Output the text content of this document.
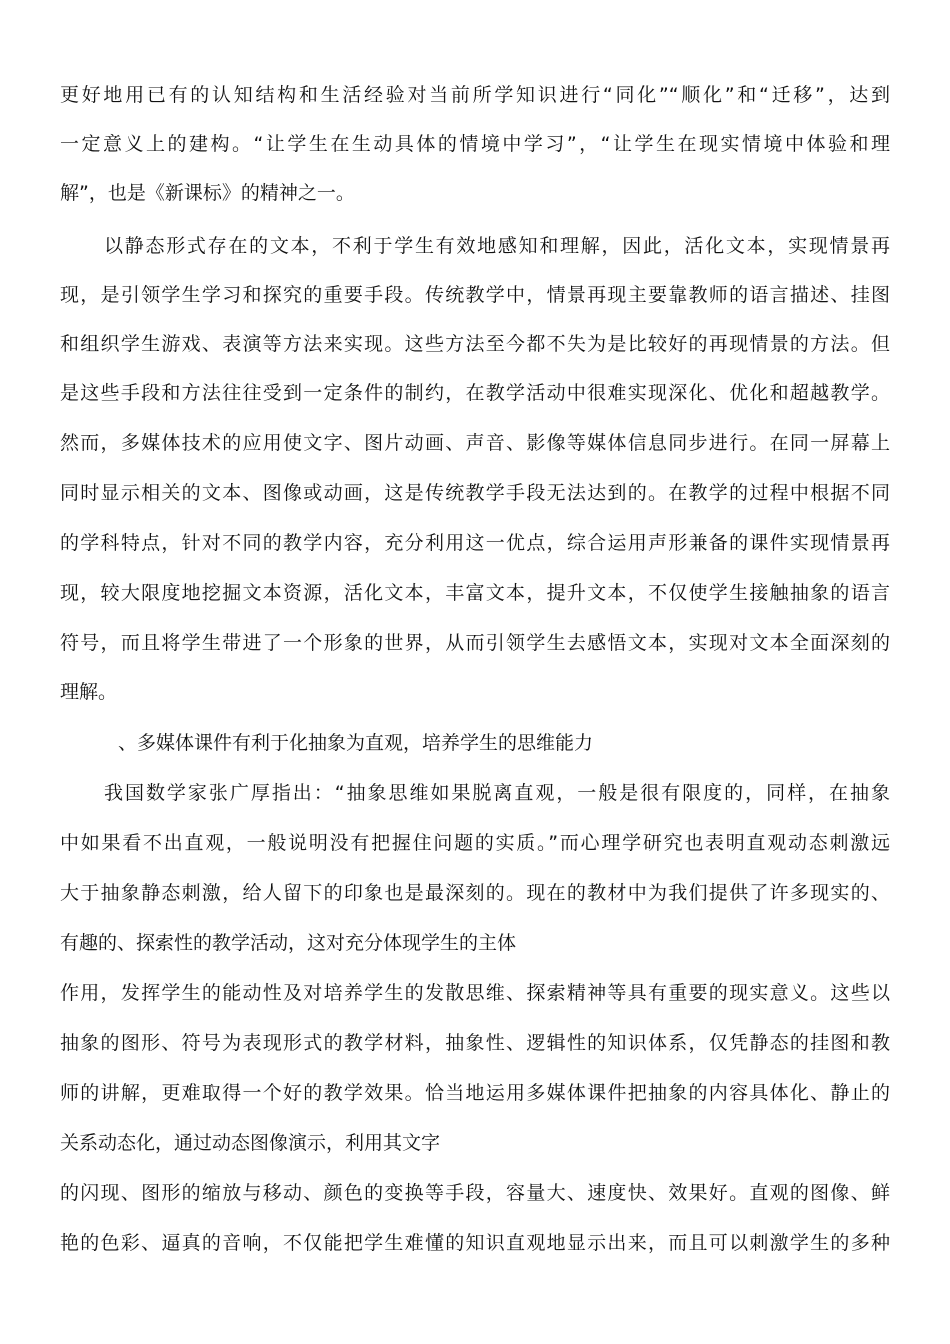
更好地用已有的认知结构和生活经验对当前所学知识进行“同化”“顺化”和“迁移”，达到
一定意义上的建构。“让学生在生动具体的情境中学习”，“让学生在现实情境中体验和理
解”，也是《新课标》的精神之一。
以静态形式存在的文本，不利于学生有效地感知和理解，因此，活化文本，实现情景再
现，是引领学生学习和探究的重要手段。传统教学中，情景再现主要靠教师的语言描述、挂图
和组织学生游戏、表演等方法来实现。这些方法至今都不失为是比较好的再现情景的方法。但
是这些手段和方法往往受到一定条件的制约，在教学活动中很难实现深化、优化和超越教学。
然而，多媒体技术的应用使文字、图片动画、声音、影像等媒体信息同步进行。在同一屏幕上
同时显示相关的文本、图像或动画，这是传统教学手段无法达到的。在教学的过程中根据不同
的学科特点，针对不同的教学内容，充分利用这一优点，综合运用声形兼备的课件实现情景再
现，较大限度地挖掘文本资源，活化文本，丰富文本，提升文本，不仅使学生接触抽象的语言
符号，而且将学生带进了一个形象的世界，从而引领学生去感悟文本，实现对文本全面深刻的
理解。
、多媒体课件有利于化抽象为直观，培养学生的思维能力
我国数学家张广厚指出：“抽象思维如果脱离直观，一般是很有限度的，同样，在抽象
中如果看不出直观，一般说明没有把握住问题的实质。”而心理学研究也表明直观动态刺激远
大于抽象静态刺激，给人留下的印象也是最深刻的。现在的教材中为我们提供了许多现实的、
有趣的、探索性的教学活动，这对充分体现学生的主体
作用，发挥学生的能动性及对培养学生的发散思维、探索精神等具有重要的现实意义。这些以
抽象的图形、符号为表现形式的教学材料，抽象性、逻辑性的知识体系，仅凭静态的挂图和教
师的讲解，更难取得一个好的教学效果。恰当地运用多媒体课件把抽象的内容具体化、静止的
关系动态化，通过动态图像演示，利用其文字
的闪现、图形的缩放与移动、颜色的变换等手段，容量大、速度快、效果好。直观的图像、鲜
艳的色彩、逼真的音响，不仅能把学生难懂的知识直观地显示出来，而且可以刺激学生的多种
